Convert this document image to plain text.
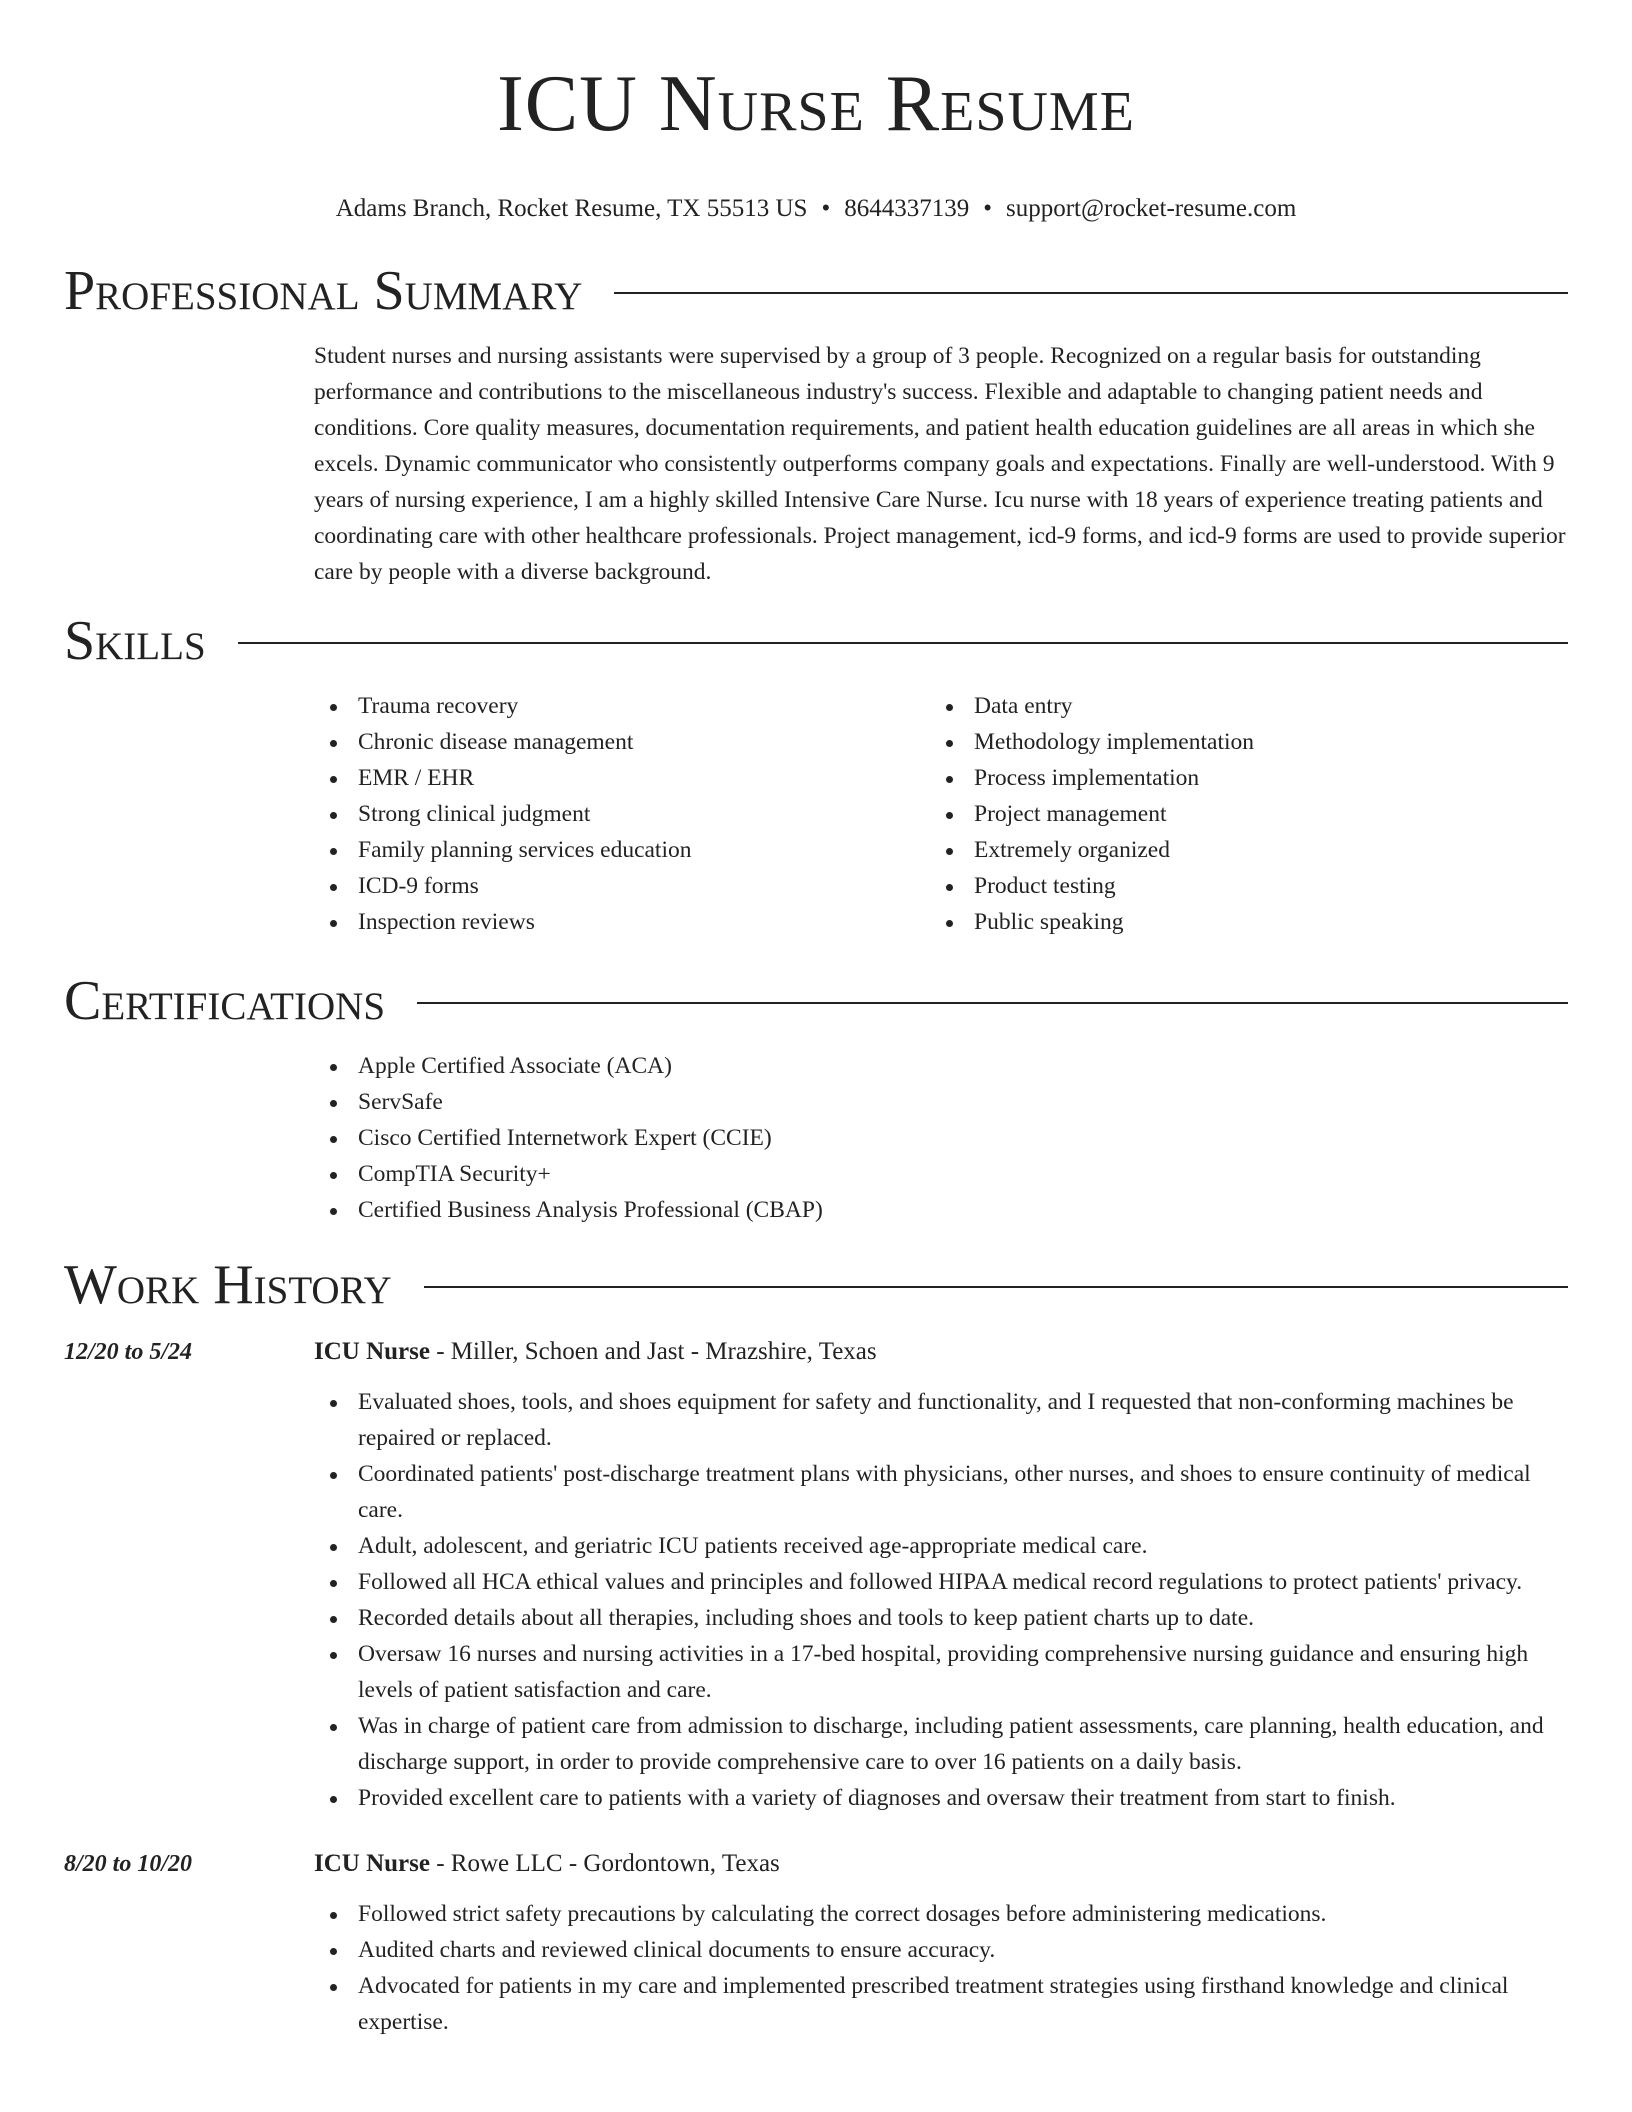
ICU Nurse Resume
Adams Branch, Rocket Resume, TX 55513 US • 8644337139 • support@rocket-resume.com
Professional Summary
Student nurses and nursing assistants were supervised by a group of 3 people. Recognized on a regular basis for outstanding performance and contributions to the miscellaneous industry's success. Flexible and adaptable to changing patient needs and conditions. Core quality measures, documentation requirements, and patient health education guidelines are all areas in which she excels. Dynamic communicator who consistently outperforms company goals and expectations. Finally are well-understood. With 9 years of nursing experience, I am a highly skilled Intensive Care Nurse. Icu nurse with 18 years of experience treating patients and coordinating care with other healthcare professionals. Project management, icd-9 forms, and icd-9 forms are used to provide superior care by people with a diverse background.
Skills
Trauma recovery
Chronic disease management
EMR / EHR
Strong clinical judgment
Family planning services education
ICD-9 forms
Inspection reviews
Data entry
Methodology implementation
Process implementation
Project management
Extremely organized
Product testing
Public speaking
Certifications
Apple Certified Associate (ACA)
ServSafe
Cisco Certified Internetwork Expert (CCIE)
CompTIA Security+
Certified Business Analysis Professional (CBAP)
Work History
12/20 to 5/24	ICU Nurse - Miller, Schoen and Jast - Mrazshire, Texas
Evaluated shoes, tools, and shoes equipment for safety and functionality, and I requested that non-conforming machines be repaired or replaced.
Coordinated patients' post-discharge treatment plans with physicians, other nurses, and shoes to ensure continuity of medical care.
Adult, adolescent, and geriatric ICU patients received age-appropriate medical care.
Followed all HCA ethical values and principles and followed HIPAA medical record regulations to protect patients' privacy.
Recorded details about all therapies, including shoes and tools to keep patient charts up to date.
Oversaw 16 nurses and nursing activities in a 17-bed hospital, providing comprehensive nursing guidance and ensuring high levels of patient satisfaction and care.
Was in charge of patient care from admission to discharge, including patient assessments, care planning, health education, and discharge support, in order to provide comprehensive care to over 16 patients on a daily basis.
Provided excellent care to patients with a variety of diagnoses and oversaw their treatment from start to finish.
8/20 to 10/20	ICU Nurse - Rowe LLC - Gordontown, Texas
Followed strict safety precautions by calculating the correct dosages before administering medications.
Audited charts and reviewed clinical documents to ensure accuracy.
Advocated for patients in my care and implemented prescribed treatment strategies using firsthand knowledge and clinical expertise.
